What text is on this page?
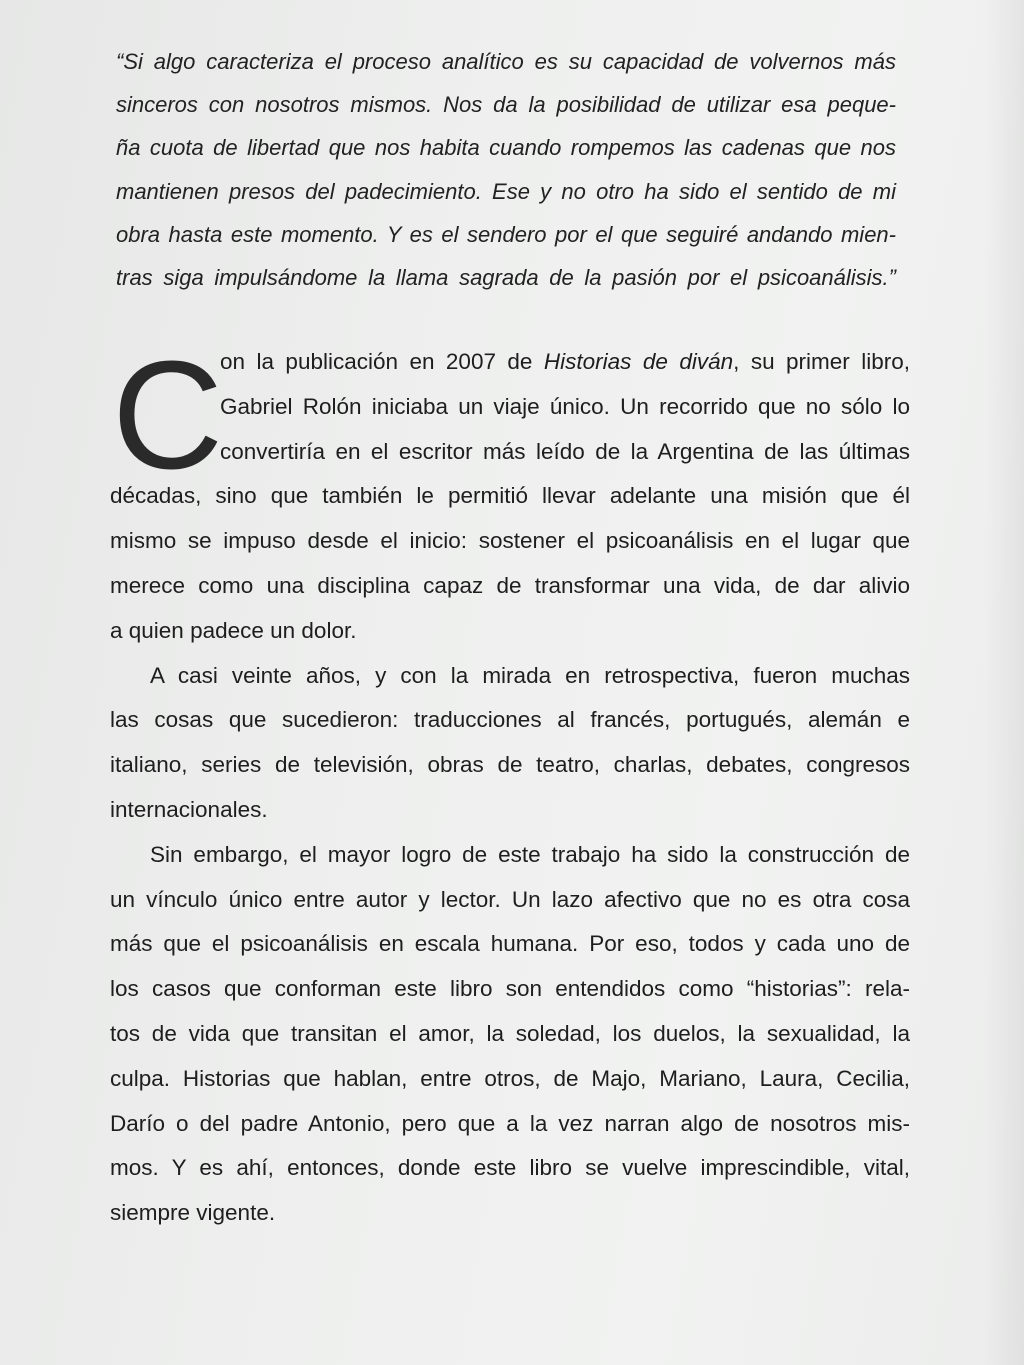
“Si algo caracteriza el proceso analítico es su capacidad de volvernos más
sinceros con nosotros mismos. Nos da la posibilidad de utilizar esa peque-
ña cuota de libertad que nos habita cuando rompemos las cadenas que nos
mantienen presos del padecimiento. Ese y no otro ha sido el sentido de mi
obra hasta este momento. Y es el sendero por el que seguiré andando mien-
tras siga impulsándome la llama sagrada de la pasión por el psicoanálisis.”
C
on la publicación en 2007 de Historias de diván, su primer libro,
Gabriel Rolón iniciaba un viaje único. Un recorrido que no sólo lo
convertiría en el escritor más leído de la Argentina de las últimas
décadas, sino que también le permitió llevar adelante una misión que él
mismo se impuso desde el inicio: sostener el psicoanálisis en el lugar que
merece como una disciplina capaz de transformar una vida, de dar alivio
a quien padece un dolor.
A casi veinte años, y con la mirada en retrospectiva, fueron muchas
las cosas que sucedieron: traducciones al francés, portugués, alemán e
italiano, series de televisión, obras de teatro, charlas, debates, congresos
internacionales.
Sin embargo, el mayor logro de este trabajo ha sido la construcción de
un vínculo único entre autor y lector. Un lazo afectivo que no es otra cosa
más que el psicoanálisis en escala humana. Por eso, todos y cada uno de
los casos que conforman este libro son entendidos como “historias”: rela-
tos de vida que transitan el amor, la soledad, los duelos, la sexualidad, la
culpa. Historias que hablan, entre otros, de Majo, Mariano, Laura, Cecilia,
Darío o del padre Antonio, pero que a la vez narran algo de nosotros mis-
mos. Y es ahí, entonces, donde este libro se vuelve imprescindible, vital,
siempre vigente.
